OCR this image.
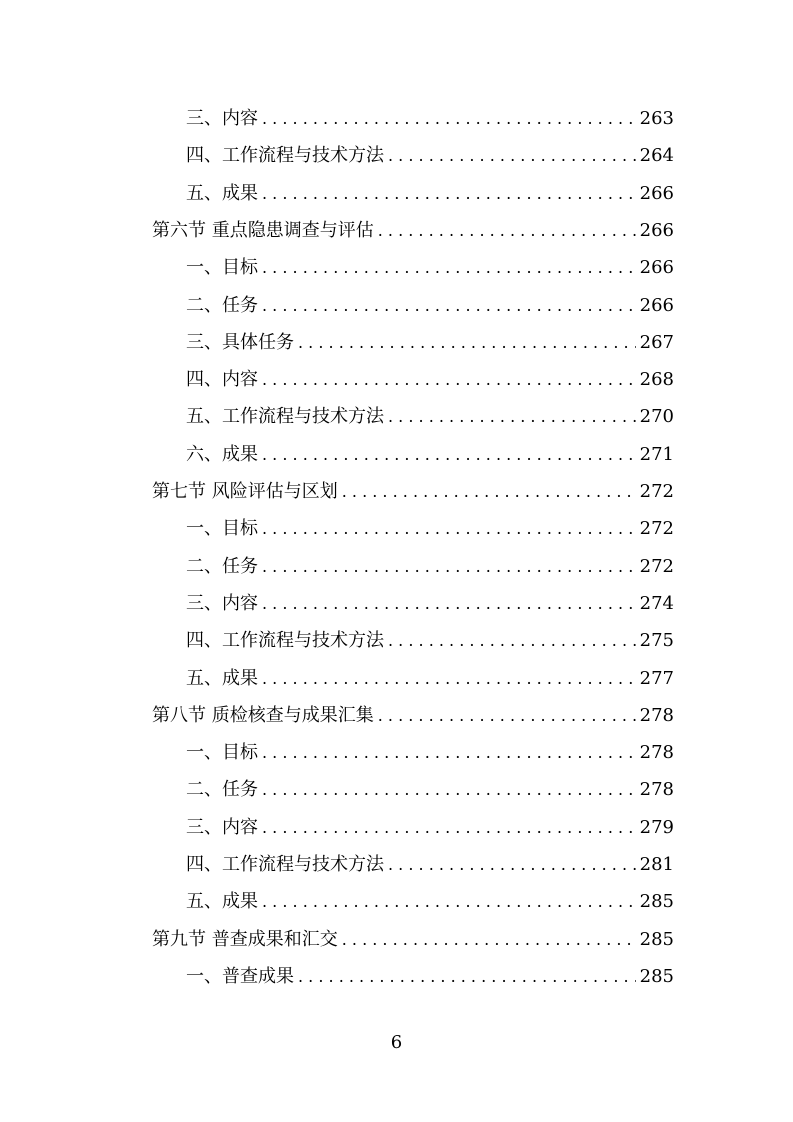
三、内容 . . .	263
四、工作流程与技术方法 . . .	264
五、成果 . . .	266
第六节 重点隐患调查与评估 . . .	266
一、目标 . . .	266
二、任务 . . .	266
三、具体任务 . . .	267
四、内容 . . .	268
五、工作流程与技术方法 . . .	270
六、成果 . . .	271
第七节 风险评估与区划 . . .	272
一、目标 . . .	272
二、任务 . . .	272
三、内容 . . .	274
四、工作流程与技术方法 . . .	275
五、成果 . . .	277
第八节 质检核查与成果汇集 . . .	278
一、目标 . . .	278
二、任务 . . .	278
三、内容 . . .	279
四、工作流程与技术方法 . . .	281
五、成果 . . .	285
第九节 普查成果和汇交 . . .	285
一、普查成果 . . .	285
6
